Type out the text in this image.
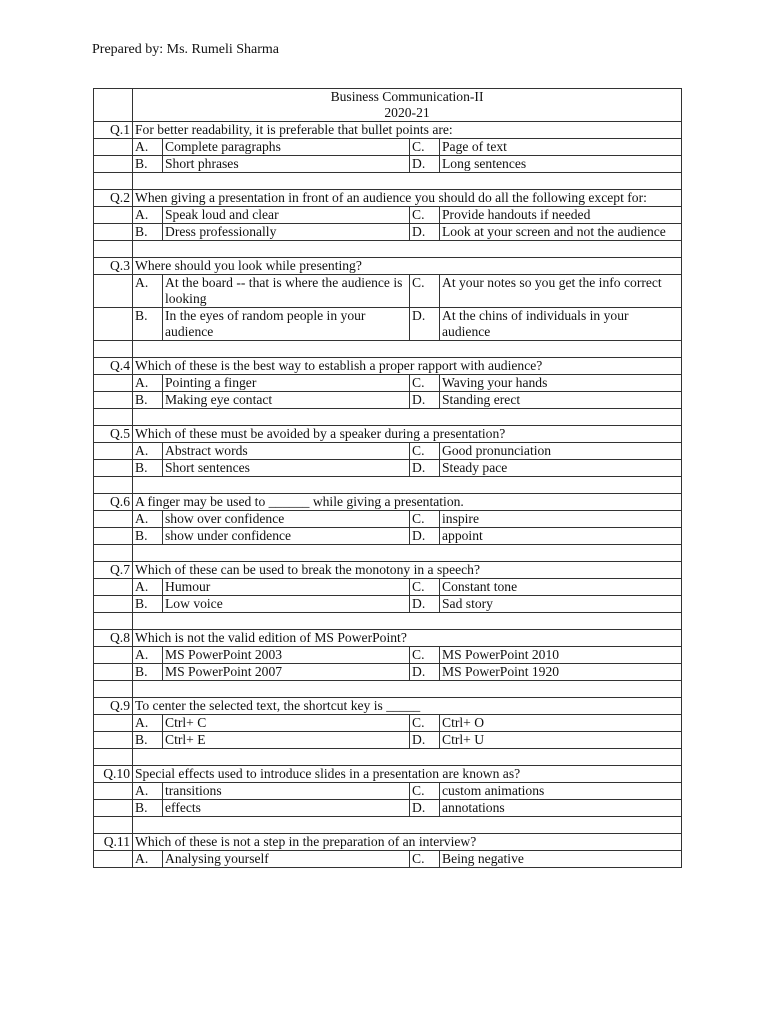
Prepared by: Ms. Rumeli Sharma

	Business Communication-II
2020-21			

Q.1	For better readability, it is preferable that bullet points are:			
	A.	Complete paragraphs	C.	Page of text
	B.	Short phrases	D.	Long sentences

Q.2	When giving a presentation in front of an audience you should do all the following except for:			
	A.	Speak loud and clear	C.	Provide handouts if needed
	B.	Dress professionally	D.	Look at your screen and not the audience

Q.3	Where should you look while presenting?			
	A.	At the board -- that is where the audience is looking	C.	At your notes so you get the info correct
	B.	In the eyes of random people in your audience	D.	At the chins of individuals in your audience

Q.4	Which of these is the best way to establish a proper rapport with audience?			
	A.	Pointing a finger	C.	Waving your hands
	B.	Making eye contact	D.	Standing erect

Q.5	Which of these must be avoided by a speaker during a presentation?			
	A.	Abstract words	C.	Good pronunciation
	B.	Short sentences	D.	Steady pace

Q.6	A finger may be used to ______ while giving a presentation.			
	A.	show over confidence	C.	inspire
	B.	show under confidence	D.	appoint

Q.7	Which of these can be used to break the monotony in a speech?			
	A.	Humour	C.	Constant tone
	B.	Low voice	D.	Sad story

Q.8	Which is not the valid edition of MS PowerPoint?			
	A.	MS PowerPoint 2003	C.	MS PowerPoint 2010
	B.	MS PowerPoint 2007	D.	MS PowerPoint 1920

Q.9	To center the selected text, the shortcut key is _____			
	A.	Ctrl+ C	C.	Ctrl+ O
	B.	Ctrl+ E	D.	Ctrl+ U

Q.10	Special effects used to introduce slides in a presentation are known as?			
	A.	transitions	C.	custom animations
	B.	effects	D.	annotations

Q.11	Which of these is not a step in the preparation of an interview?			
	A.	Analysing yourself	C.	Being negative
